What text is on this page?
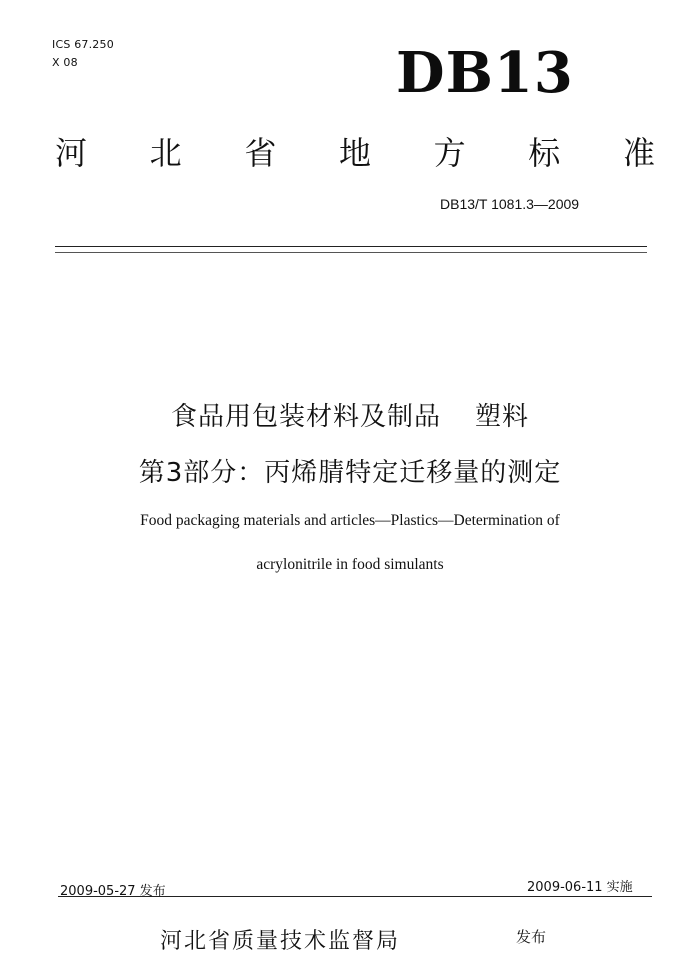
ICS 67.250
X 08	DB13
河 北 省 地 方 标 准
DB13/T 1081.3—2009
食品用包装材料及制品 塑料
第3部分：丙烯腈特定迁移量的测定
Food packaging materials and articles—Plastics—Determination of
acrylonitrile in food simulants
2009-05-27 发布	2009-06-11 实施
河北省质量技术监督局	发布
